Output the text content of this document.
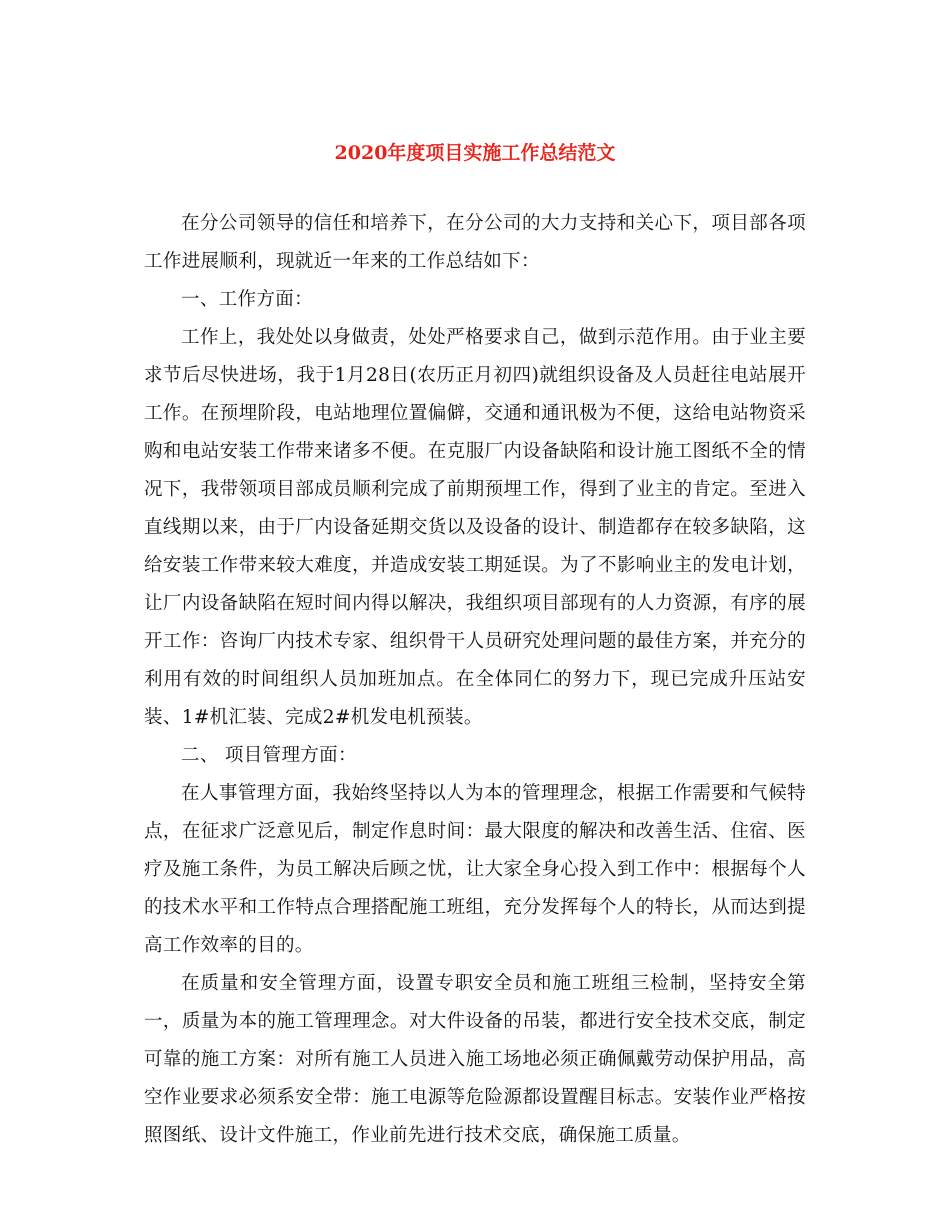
2020年度项目实施工作总结范文

在分公司领导的信任和培养下，在分公司的大力支持和关心下，项目部各项工作进展顺利，现就近一年来的工作总结如下：

一、工作方面：

工作上，我处处以身做责，处处严格要求自己，做到示范作用。由于业主要求节后尽快进场，我于1月28日(农历正月初四)就组织设备及人员赶往电站展开工作。在预埋阶段，电站地理位置偏僻，交通和通讯极为不便，这给电站物资采购和电站安装工作带来诸多不便。在克服厂内设备缺陷和设计施工图纸不全的情况下，我带领项目部成员顺利完成了前期预埋工作，得到了业主的肯定。至进入直线期以来，由于厂内设备延期交货以及设备的设计、制造都存在较多缺陷，这给安装工作带来较大难度，并造成安装工期延误。为了不影响业主的发电计划，让厂内设备缺陷在短时间内得以解决，我组织项目部现有的人力资源，有序的展开工作：咨询厂内技术专家、组织骨干人员研究处理问题的最佳方案，并充分的利用有效的时间组织人员加班加点。在全体同仁的努力下，现已完成升压站安装、1#机汇装、完成2#机发电机预装。

二、 项目管理方面：

在人事管理方面，我始终坚持以人为本的管理理念，根据工作需要和气候特点，在征求广泛意见后，制定作息时间：最大限度的解决和改善生活、住宿、医疗及施工条件，为员工解决后顾之忧，让大家全身心投入到工作中：根据每个人的技术水平和工作特点合理搭配施工班组，充分发挥每个人的特长，从而达到提高工作效率的目的。

在质量和安全管理方面，设置专职安全员和施工班组三检制，坚持安全第一，质量为本的施工管理理念。对大件设备的吊装，都进行安全技术交底，制定可靠的施工方案：对所有施工人员进入施工场地必须正确佩戴劳动保护用品，高空作业要求必须系安全带：施工电源等危险源都设置醒目标志。安装作业严格按照图纸、设计文件施工，作业前先进行技术交底，确保施工质量。
